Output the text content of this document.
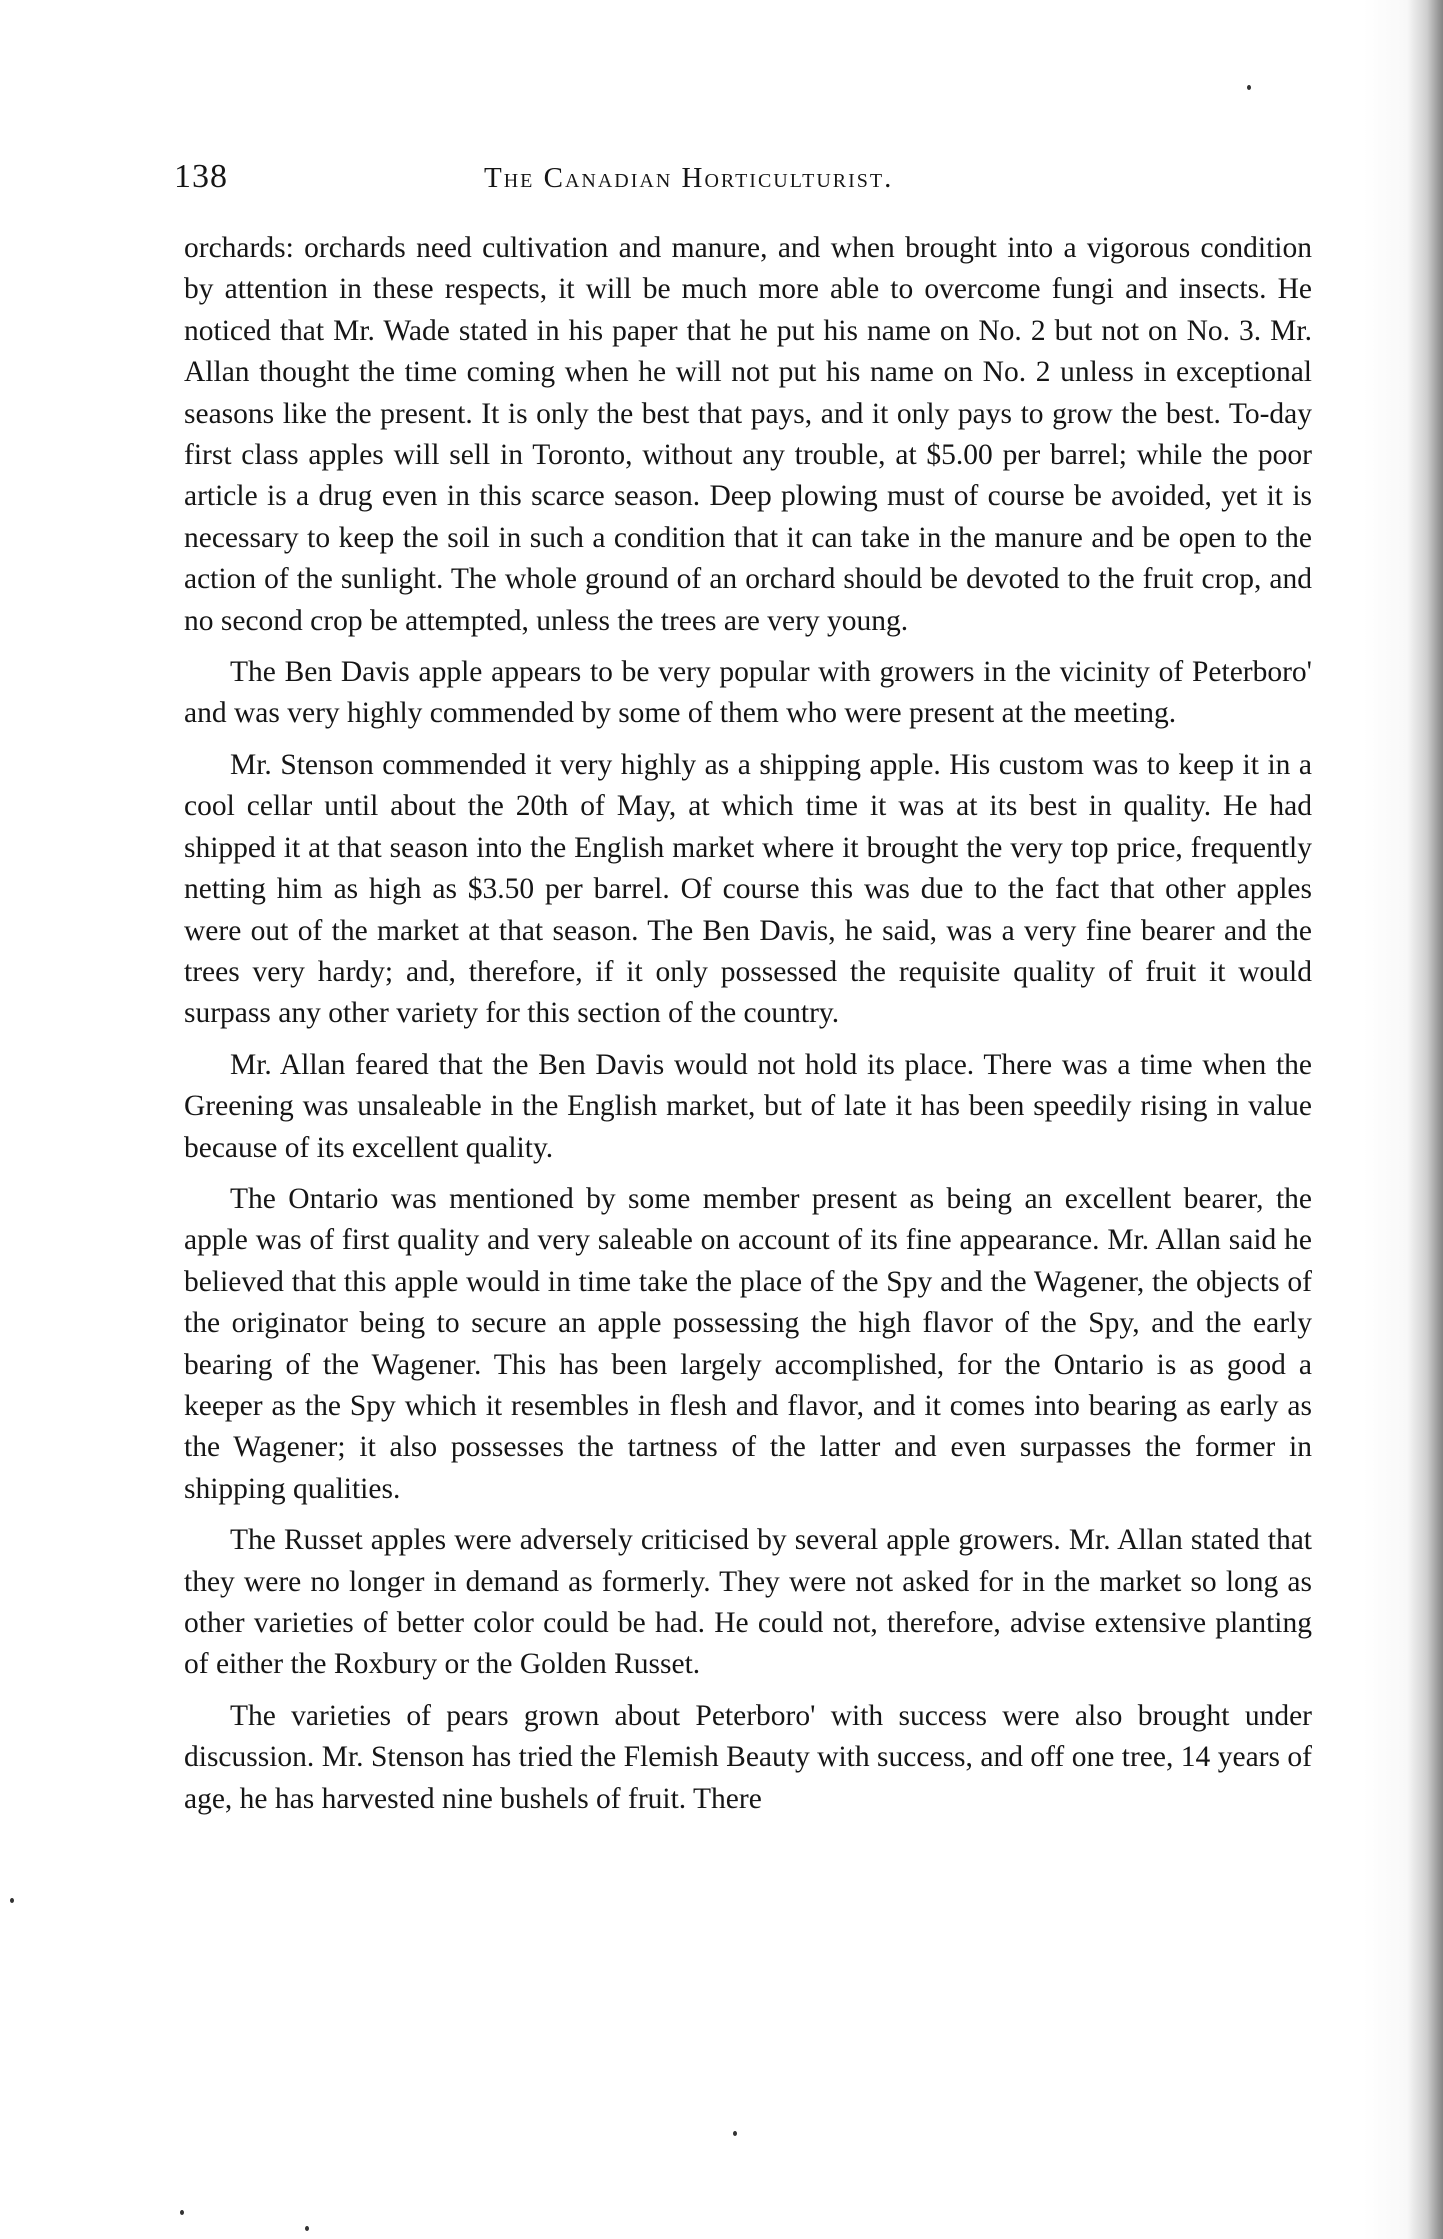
138	The Canadian Horticulturist.

orchards: orchards need cultivation and manure, and when brought into a vigorous condition by attention in these respects, it will be much more able to overcome fungi and insects. He noticed that Mr. Wade stated in his paper that he put his name on No. 2 but not on No. 3. Mr. Allan thought the time coming when he will not put his name on No. 2 unless in exceptional seasons like the present. It is only the best that pays, and it only pays to grow the best. To-day first class apples will sell in Toronto, without any trouble, at $5.00 per barrel; while the poor article is a drug even in this scarce season. Deep plowing must of course be avoided, yet it is necessary to keep the soil in such a condition that it can take in the manure and be open to the action of the sunlight. The whole ground of an orchard should be devoted to the fruit crop, and no second crop be attempted, unless the trees are very young.

The Ben Davis apple appears to be very popular with growers in the vicinity of Peterboro' and was very highly commended by some of them who were present at the meeting.

Mr. Stenson commended it very highly as a shipping apple. His custom was to keep it in a cool cellar until about the 20th of May, at which time it was at its best in quality. He had shipped it at that season into the English market where it brought the very top price, frequently netting him as high as $3.50 per barrel. Of course this was due to the fact that other apples were out of the market at that season. The Ben Davis, he said, was a very fine bearer and the trees very hardy; and, therefore, if it only possessed the requisite quality of fruit it would surpass any other variety for this section of the country.

Mr. Allan feared that the Ben Davis would not hold its place. There was a time when the Greening was unsaleable in the English market, but of late it has been speedily rising in value because of its excellent quality.

The Ontario was mentioned by some member present as being an excellent bearer, the apple was of first quality and very saleable on account of its fine appearance. Mr. Allan said he believed that this apple would in time take the place of the Spy and the Wagener, the objects of the originator being to secure an apple possessing the high flavor of the Spy, and the early bearing of the Wagener. This has been largely accomplished, for the Ontario is as good a keeper as the Spy which it resembles in flesh and flavor, and it comes into bearing as early as the Wagener; it also possesses the tartness of the latter and even surpasses the former in shipping qualities.

The Russet apples were adversely criticised by several apple growers. Mr. Allan stated that they were no longer in demand as formerly. They were not asked for in the market so long as other varieties of better color could be had. He could not, therefore, advise extensive planting of either the Roxbury or the Golden Russet.

The varieties of pears grown about Peterboro' with success were also brought under discussion. Mr. Stenson has tried the Flemish Beauty with success, and off one tree, 14 years of age, he has harvested nine bushels of fruit. There
